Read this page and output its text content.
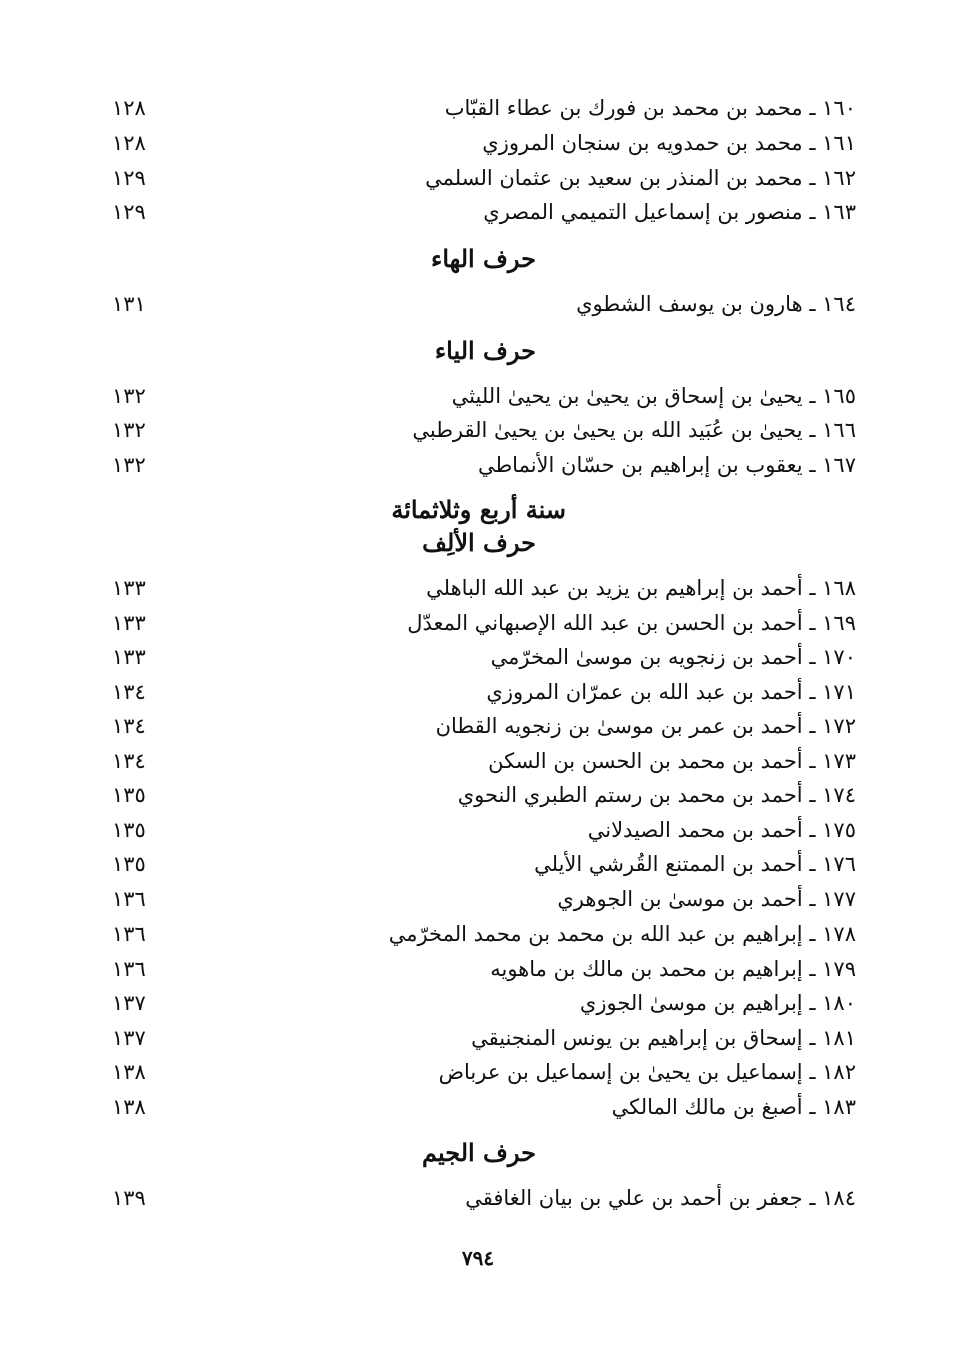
١٦٠ ـ محمد بن محمد بن فورك بن عطاء القبّاب
١٢٨
١٦١ ـ محمد بن حمدويه بن سنجان المروزي
١٢٨
١٦٢ ـ محمد بن المنذر بن سعيد بن عثمان السلمي
١٢٩
١٦٣ ـ منصور بن إسماعيل التميمي المصري
١٢٩
حرف الهاء
١٦٤ ـ هارون بن يوسف الشطوي
١٣١
حرف الياء
١٦٥ ـ يحيىٰ بن إسحاق بن يحيىٰ بن يحيىٰ الليثي
١٣٢
١٦٦ ـ يحيىٰ بن عُبَيد الله بن يحيىٰ بن يحيىٰ القرطبي
١٣٢
١٦٧ ـ يعقوب بن إبراهيم بن حسّان الأنماطي
١٣٢
سنة أربع وثلاثمائة
حرف الألِف
١٦٨ ـ أحمد بن إبراهيم بن يزيد بن عبد الله الباهلي
١٣٣
١٦٩ ـ أحمد بن الحسن بن عبد الله الإصبهاني المعدّل
١٣٣
١٧٠ ـ أحمد بن زنجويه بن موسىٰ المخرّمي
١٣٣
١٧١ ـ أحمد بن عبد الله بن عمرّان المروزي
١٣٤
١٧٢ ـ أحمد بن عمر بن موسىٰ بن زنجويه القطان
١٣٤
١٧٣ ـ أحمد بن محمد بن الحسن بن السكن
١٣٤
١٧٤ ـ أحمد بن محمد بن رستم الطبري النحوي
١٣٥
١٧٥ ـ أحمد بن محمد الصيدلاني
١٣٥
١٧٦ ـ أحمد بن الممتنع القُرشي الأيلي
١٣٥
١٧٧ ـ أحمد بن موسىٰ بن الجوهري
١٣٦
١٧٨ ـ إبراهيم بن عبد الله بن محمد بن محمد المخرّمي
١٣٦
١٧٩ ـ إبراهيم بن محمد بن مالك بن ماهويه
١٣٦
١٨٠ ـ إبراهيم بن موسىٰ الجوزي
١٣٧
١٨١ ـ إسحاق بن إبراهيم بن يونس المنجنيقي
١٣٧
١٨٢ ـ إسماعيل بن يحيىٰ بن إسماعيل بن عرباض
١٣٨
١٨٣ ـ أصبغ بن مالك المالكي
١٣٨
حرف الجيم
١٨٤ ـ جعفر بن أحمد بن علي بن بيان الغافقي
١٣٩
٧٩٤
